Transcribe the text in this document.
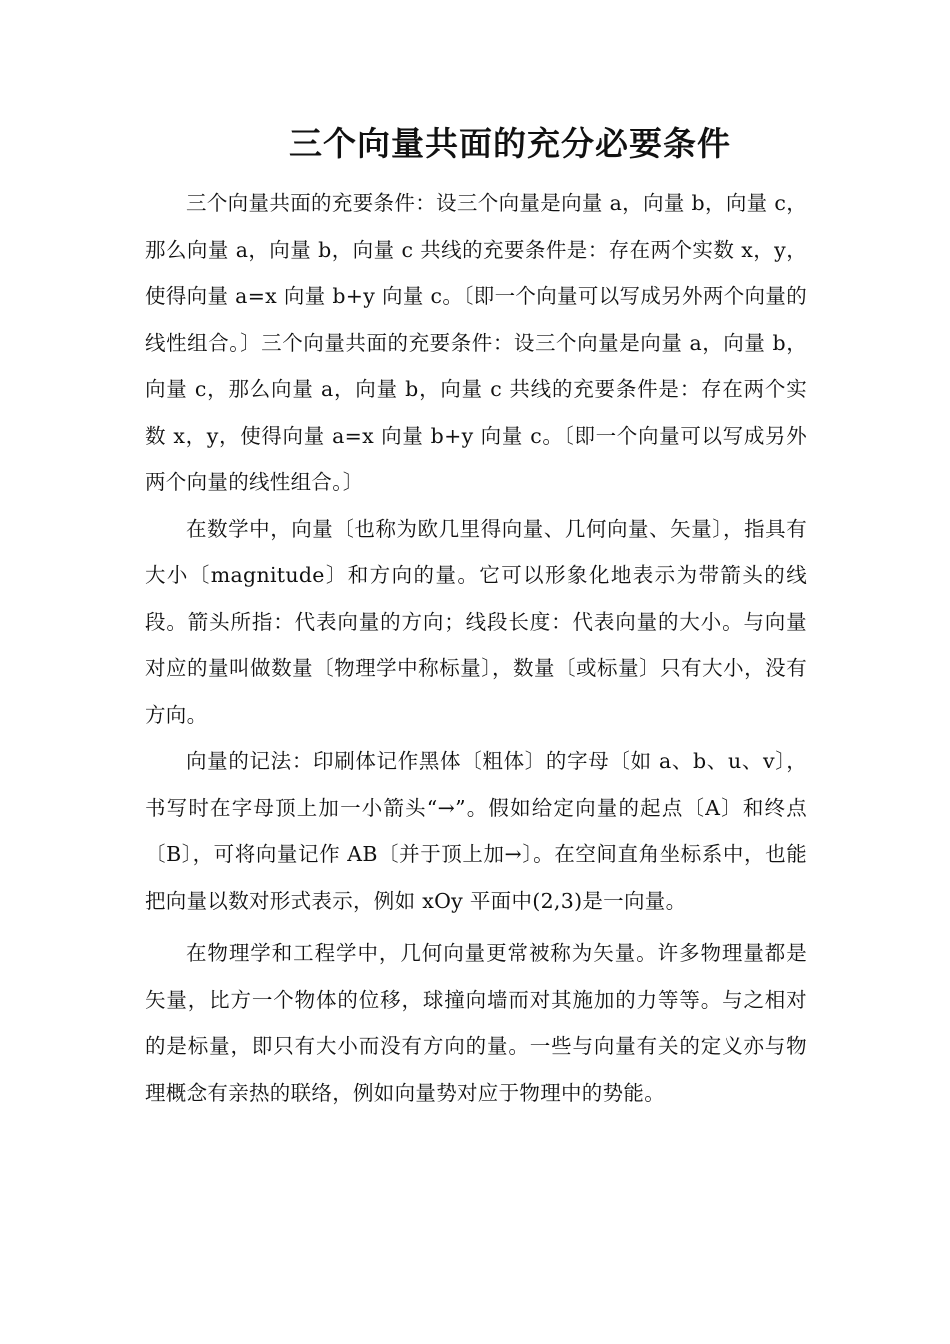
三个向量共面的充分必要条件

三个向量共面的充要条件：设三个向量是向量 a，向量 b，向量 c，那么向量 a，向量 b，向量 c 共线的充要条件是：存在两个实数 x，y，使得向量 a=x 向量 b+y 向量 c。〔即一个向量可以写成另外两个向量的线性组合。〕三个向量共面的充要条件：设三个向量是向量 a，向量 b，向量 c，那么向量 a，向量 b，向量 c 共线的充要条件是：存在两个实数 x，y，使得向量 a=x 向量 b+y 向量 c。〔即一个向量可以写成另外两个向量的线性组合。〕

在数学中，向量〔也称为欧几里得向量、几何向量、矢量〕，指具有大小〔magnitude〕和方向的量。它可以形象化地表示为带箭头的线段。箭头所指：代表向量的方向；线段长度：代表向量的大小。与向量对应的量叫做数量〔物理学中称标量〕，数量〔或标量〕只有大小，没有方向。

向量的记法：印刷体记作黑体〔粗体〕的字母〔如 a、b、u、v〕，书写时在字母顶上加一小箭头“→”。假如给定向量的起点〔A〕和终点〔B〕，可将向量记作 AB〔并于顶上加→〕。在空间直角坐标系中，也能把向量以数对形式表示，例如 xOy 平面中(2,3)是一向量。

在物理学和工程学中，几何向量更常被称为矢量。许多物理量都是矢量，比方一个物体的位移，球撞向墙而对其施加的力等等。与之相对的是标量，即只有大小而没有方向的量。一些与向量有关的定义亦与物理概念有亲热的联络，例如向量势对应于物理中的势能。
